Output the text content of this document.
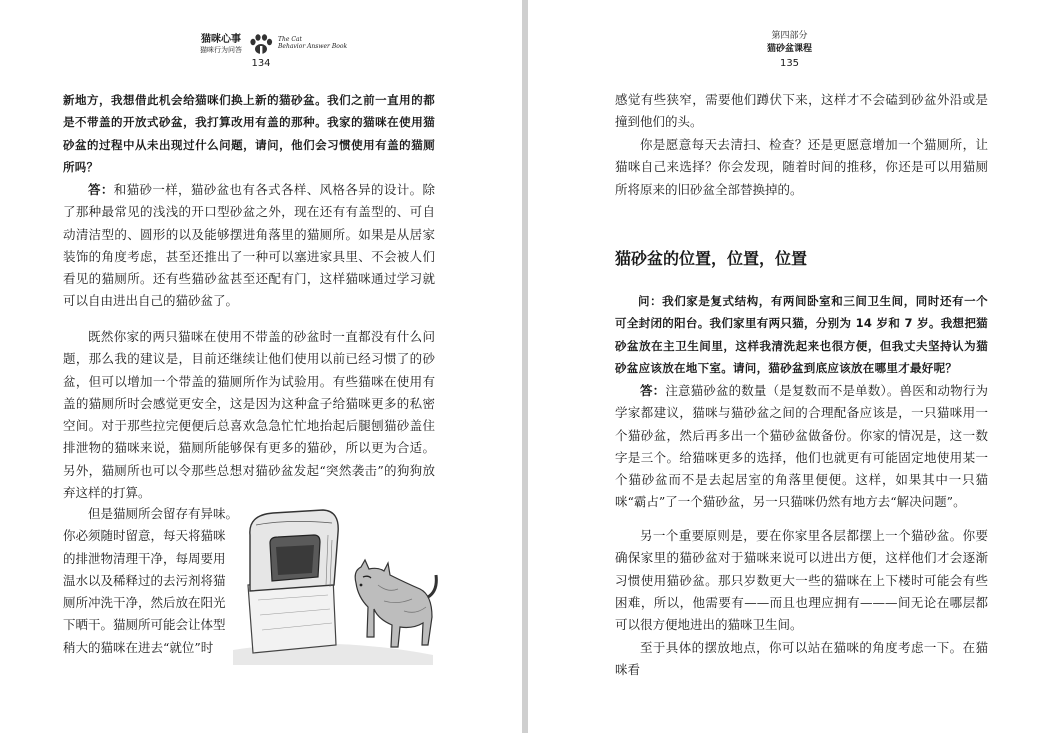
猫咪心事
猫咪行为问答
The Cat
Behavior Answer Book
134

新地方，我想借此机会给猫咪们换上新的猫砂盆。我们之前一直用的都是不带盖的开放式砂盆，我打算改用有盖的那种。我家的猫咪在使用猫砂盆的过程中从未出现过什么问题，请问，他们会习惯使用有盖的猫厕所吗？

答：和猫砂一样，猫砂盆也有各式各样、风格各异的设计。除了那种最常见的浅浅的开口型砂盆之外，现在还有有盖型的、可自动清洁型的、圆形的以及能够摆进角落里的猫厕所。如果是从居家装饰的角度考虑，甚至还推出了一种可以塞进家具里、不会被人们看见的猫厕所。还有些猫砂盆甚至还配有门，这样猫咪通过学习就可以自由进出自己的猫砂盆了。

既然你家的两只猫咪在使用不带盖的砂盆时一直都没有什么问题，那么我的建议是，目前还继续让他们使用以前已经习惯了的砂盆，但可以增加一个带盖的猫厕所作为试验用。有些猫咪在使用有盖的猫厕所时会感觉更安全，这是因为这种盒子给猫咪更多的私密空间。对于那些拉完便便后总喜欢急急忙忙地抬起后腿刨猫砂盖住排泄物的猫咪来说，猫厕所能够保有更多的猫砂，所以更为合适。另外，猫厕所也可以令那些总想对猫砂盆发起“突然袭击”的狗狗放弃这样的打算。

但是猫厕所会留存有异味。
你必须随时留意，每天将猫咪
的排泄物清理干净，每周要用
温水以及稀释过的去污剂将猫
厕所冲洗干净，然后放在阳光
下晒干。猫厕所可能会让体型
稍大的猫咪在进去“就位”时
第四部分
猫砂盆课程
135

感觉有些狭窄，需要他们蹲伏下来，这样才不会磕到砂盆外沿或是撞到他们的头。

你是愿意每天去清扫、检查？还是更愿意增加一个猫厕所，让猫咪自己来选择？你会发现，随着时间的推移，你还是可以用猫厕所将原来的旧砂盆全部替换掉的。

猫砂盆的位置，位置，位置

问：我们家是复式结构，有两间卧室和三间卫生间，同时还有一个可全封闭的阳台。我们家里有两只猫，分别为 14 岁和 7 岁。我想把猫砂盆放在主卫生间里，这样我清洗起来也很方便，但我丈夫坚持认为猫砂盆应该放在地下室。请问，猫砂盆到底应该放在哪里才最好呢？

答：注意猫砂盆的数量（是复数而不是单数）。兽医和动物行为学家都建议，猫咪与猫砂盆之间的合理配备应该是，一只猫咪用一个猫砂盆，然后再多出一个猫砂盆做备份。你家的情况是，这一数字是三个。给猫咪更多的选择，他们也就更有可能固定地使用某一个猫砂盆而不是去起居室的角落里便便。这样，如果其中一只猫咪“霸占”了一个猫砂盆，另一只猫咪仍然有地方去“解决问题”。

另一个重要原则是，要在你家里各层都摆上一个猫砂盆。你要确保家里的猫砂盆对于猫咪来说可以进出方便，这样他们才会逐渐习惯使用猫砂盆。那只岁数更大一些的猫咪在上下楼时可能会有些困难，所以，他需要有——而且也理应拥有———间无论在哪层都可以很方便地进出的猫咪卫生间。

至于具体的摆放地点，你可以站在猫咪的角度考虑一下。在猫咪看
